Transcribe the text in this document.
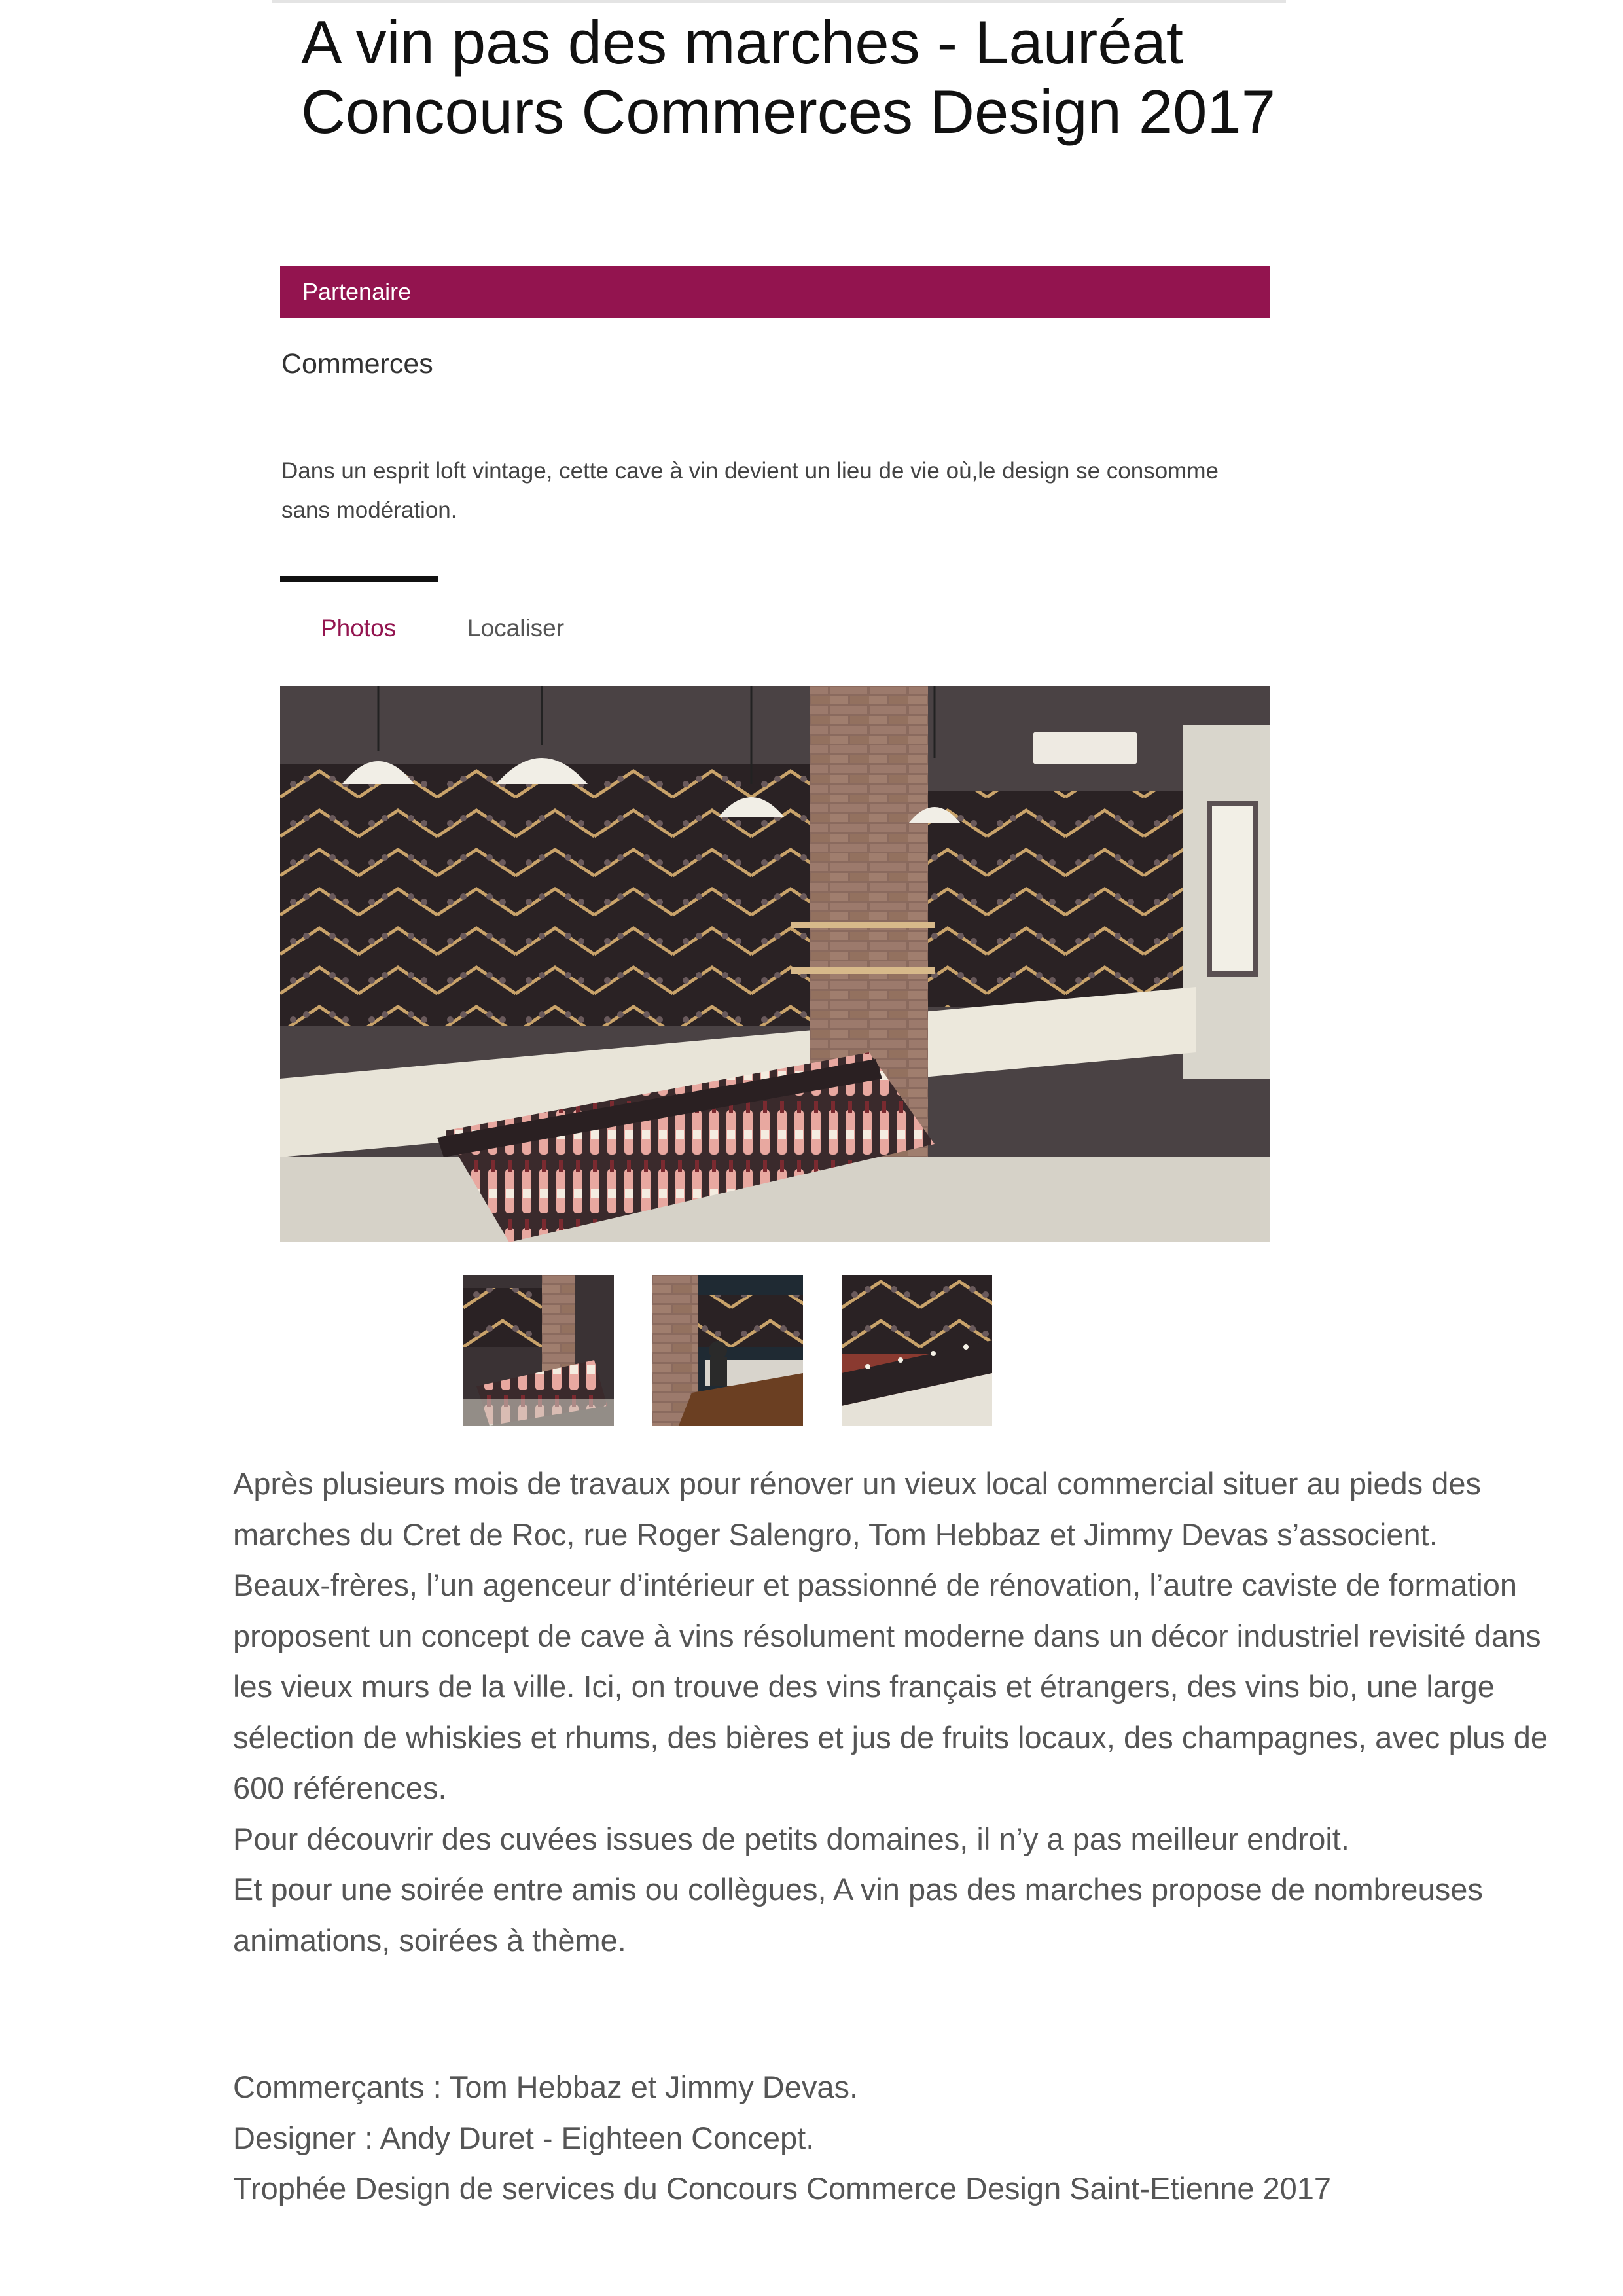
A vin pas des marches - Lauréat Concours Commerces Design 2017
Partenaire
Commerces
Dans un esprit loft vintage, cette cave à vin devient un lieu de vie où,le design se consomme sans modération.
Photos	Localiser

Après plusieurs mois de travaux pour rénover un vieux local commercial situer au pieds des marches du Cret de Roc, rue Roger Salengro, Tom Hebbaz et Jimmy Devas s’associent.

Beaux-frères, l’un agenceur d’intérieur et passionné de rénovation, l’autre caviste de formation proposent un concept de cave à vins résolument moderne dans un décor industriel revisité dans les vieux murs de la ville. Ici, on trouve des vins français et étrangers, des vins bio, une large sélection de whiskies et rhums, des bières et jus de fruits locaux, des champagnes, avec plus de 600 références.

Pour découvrir des cuvées issues de petits domaines, il n’y a pas meilleur endroit.

Et pour une soirée entre amis ou collègues, A vin pas des marches propose de nombreuses animations, soirées à thème.

Commerçants : Tom Hebbaz et Jimmy Devas.

Designer : Andy Duret - Eighteen Concept.

Trophée Design de services du Concours Commerce Design Saint-Etienne 2017
